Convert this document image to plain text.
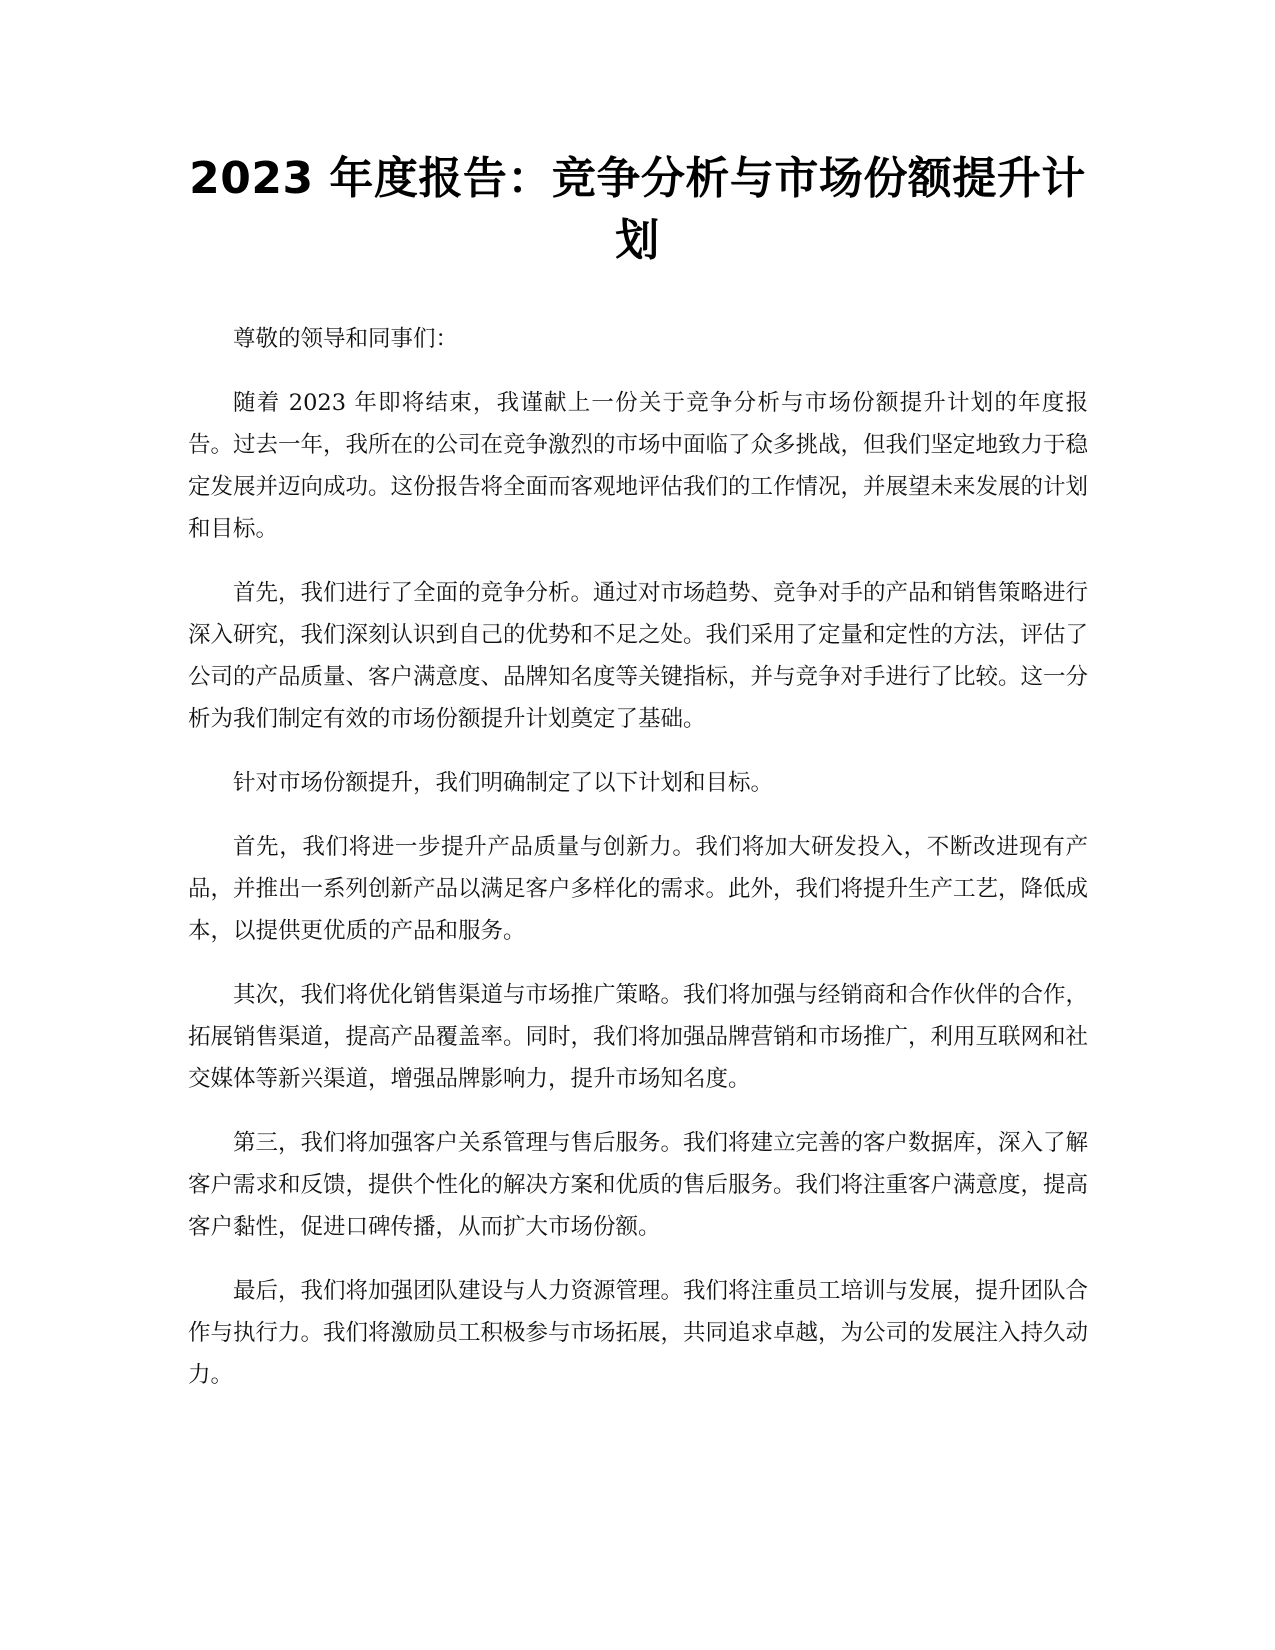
2023 年度报告：竞争分析与市场份额提升计划

尊敬的领导和同事们：

随着 2023 年即将结束，我谨献上一份关于竞争分析与市场份额提升计划的年度报告。过去一年，我所在的公司在竞争激烈的市场中面临了众多挑战，但我们坚定地致力于稳定发展并迈向成功。这份报告将全面而客观地评估我们的工作情况，并展望未来发展的计划和目标。

首先，我们进行了全面的竞争分析。通过对市场趋势、竞争对手的产品和销售策略进行深入研究，我们深刻认识到自己的优势和不足之处。我们采用了定量和定性的方法，评估了公司的产品质量、客户满意度、品牌知名度等关键指标，并与竞争对手进行了比较。这一分析为我们制定有效的市场份额提升计划奠定了基础。

针对市场份额提升，我们明确制定了以下计划和目标。

首先，我们将进一步提升产品质量与创新力。我们将加大研发投入，不断改进现有产品，并推出一系列创新产品以满足客户多样化的需求。此外，我们将提升生产工艺，降低成本，以提供更优质的产品和服务。

其次，我们将优化销售渠道与市场推广策略。我们将加强与经销商和合作伙伴的合作，拓展销售渠道，提高产品覆盖率。同时，我们将加强品牌营销和市场推广，利用互联网和社交媒体等新兴渠道，增强品牌影响力，提升市场知名度。

第三，我们将加强客户关系管理与售后服务。我们将建立完善的客户数据库，深入了解客户需求和反馈，提供个性化的解决方案和优质的售后服务。我们将注重客户满意度，提高客户黏性，促进口碑传播，从而扩大市场份额。

最后，我们将加强团队建设与人力资源管理。我们将注重员工培训与发展，提升团队合作与执行力。我们将激励员工积极参与市场拓展，共同追求卓越，为公司的发展注入持久动力。
